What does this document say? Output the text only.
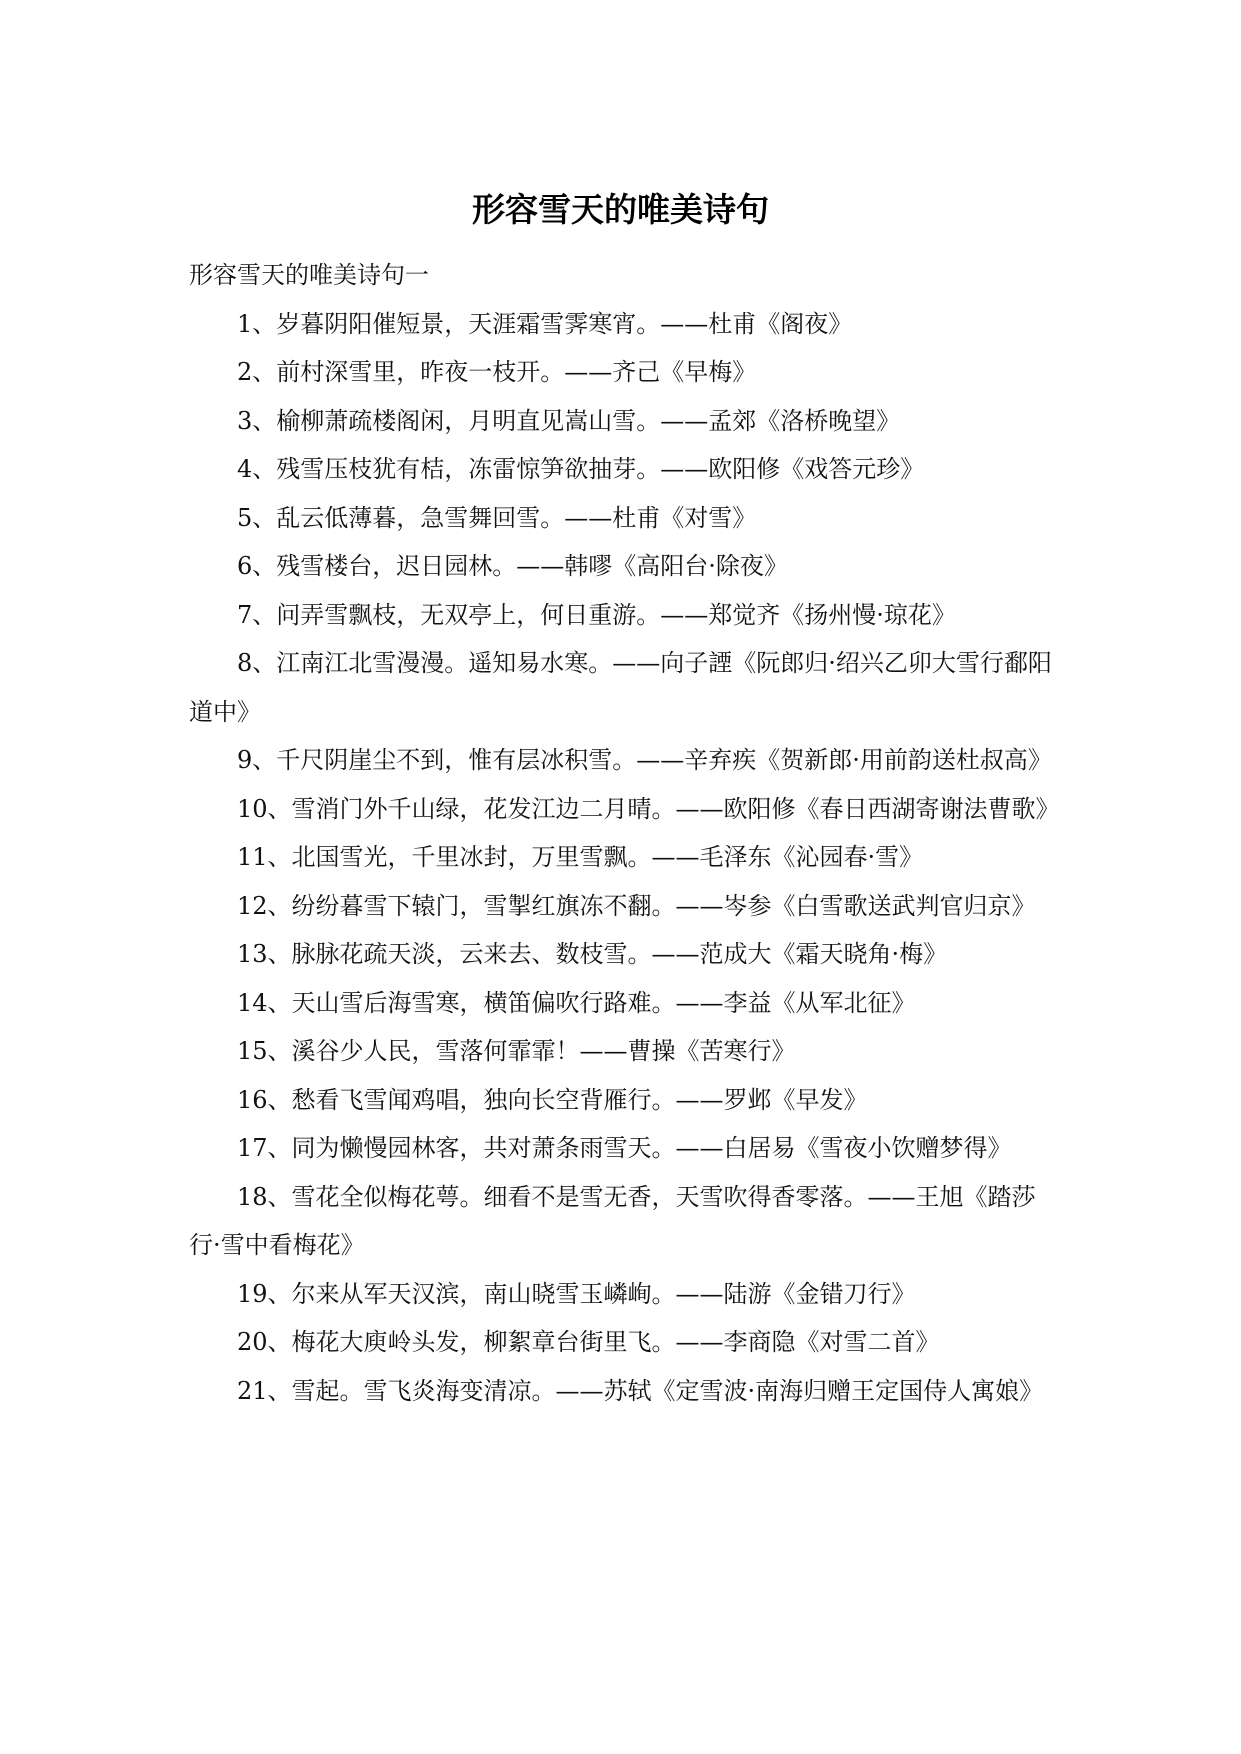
形容雪天的唯美诗句

形容雪天的唯美诗句一

1、岁暮阴阳催短景，天涯霜雪霁寒宵。——杜甫《阁夜》
2、前村深雪里，昨夜一枝开。——齐己《早梅》
3、榆柳萧疏楼阁闲，月明直见嵩山雪。——孟郊《洛桥晚望》
4、残雪压枝犹有桔，冻雷惊笋欲抽芽。——欧阳修《戏答元珍》
5、乱云低薄暮，急雪舞回雪。——杜甫《对雪》
6、残雪楼台，迟日园林。——韩嘐《高阳台·除夜》
7、问弄雪飘枝，无双亭上，何日重游。——郑觉齐《扬州慢·琼花》
8、江南江北雪漫漫。遥知易水寒。——向子諲《阮郎归·绍兴乙卯大雪行鄱阳道中》
9、千尺阴崖尘不到，惟有层冰积雪。——辛弃疾《贺新郎·用前韵送杜叔高》
10、雪消门外千山绿，花发江边二月晴。——欧阳修《春日西湖寄谢法曹歌》
11、北国雪光，千里冰封，万里雪飘。——毛泽东《沁园春·雪》
12、纷纷暮雪下辕门，雪掣红旗冻不翻。——岑参《白雪歌送武判官归京》
13、脉脉花疏天淡，云来去、数枝雪。——范成大《霜天晓角·梅》
14、天山雪后海雪寒，横笛偏吹行路难。——李益《从军北征》
15、溪谷少人民，雪落何霏霏！——曹操《苦寒行》
16、愁看飞雪闻鸡唱，独向长空背雁行。——罗邺《早发》
17、同为懒慢园林客，共对萧条雨雪天。——白居易《雪夜小饮赠梦得》
18、雪花全似梅花萼。细看不是雪无香，天雪吹得香零落。——王旭《踏莎行·雪中看梅花》
19、尔来从军天汉滨，南山晓雪玉嶙峋。——陆游《金错刀行》
20、梅花大庾岭头发，柳絮章台街里飞。——李商隐《对雪二首》
21、雪起。雪飞炎海变清凉。——苏轼《定雪波·南海归赠王定国侍人寓娘》
